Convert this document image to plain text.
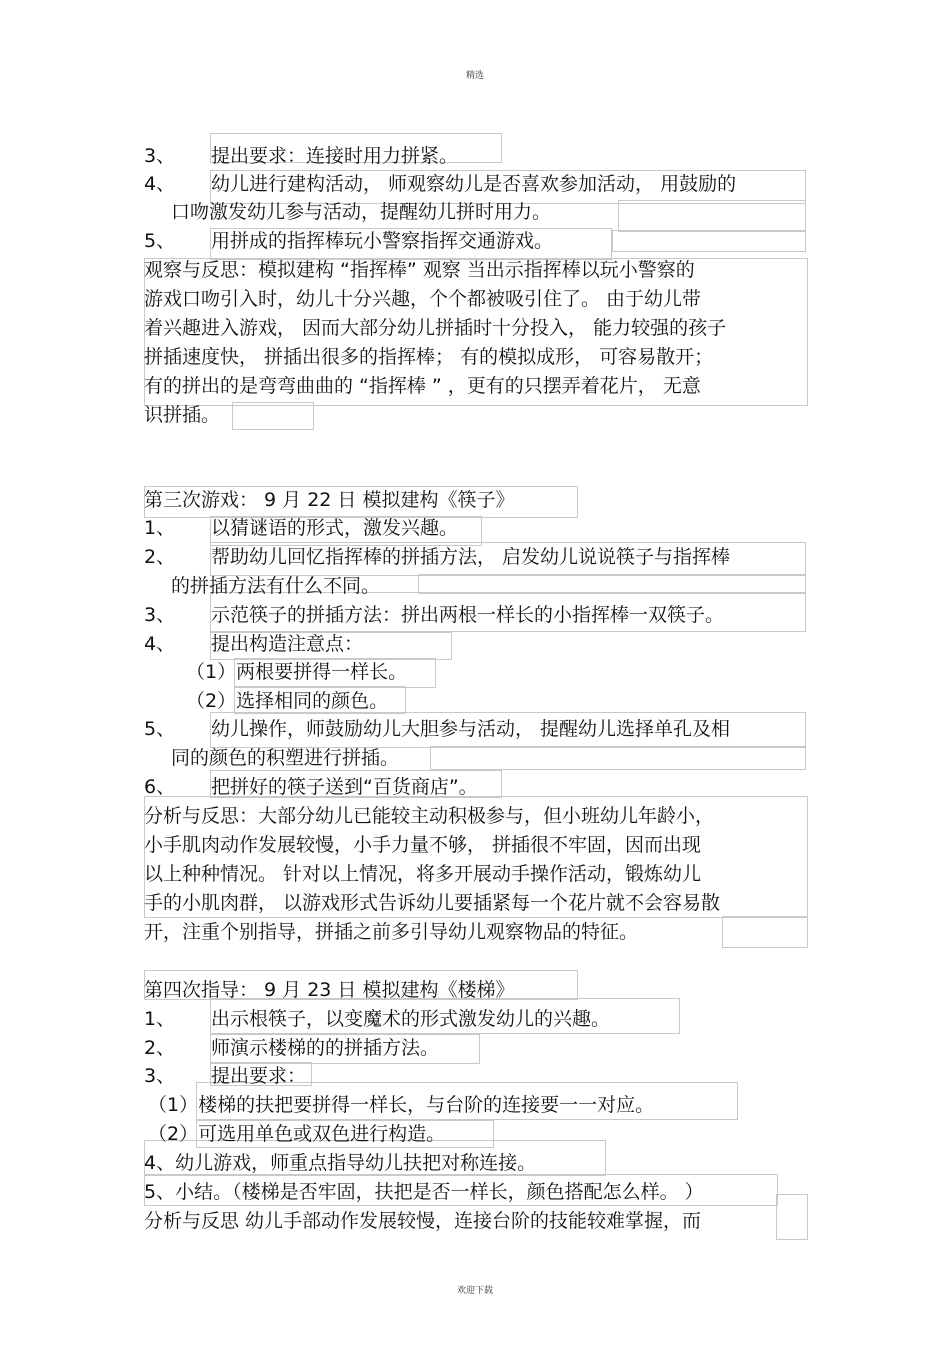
精选
3、 提出要求：连接时用力拼紧。
4、 幼儿进行建构活动， 师观察幼儿是否喜欢参加活动， 用鼓励的
口吻激发幼儿参与活动，提醒幼儿拼时用力。
5、 用拼成的指挥棒玩小警察指挥交通游戏。
观察与反思：模拟建构 “指挥棒” 观察 当出示指挥棒以玩小警察的
游戏口吻引入时，幼儿十分兴趣，个个都被吸引住了。 由于幼儿带
着兴趣进入游戏， 因而大部分幼儿拼插时十分投入， 能力较强的孩子
拼插速度快， 拼插出很多的指挥棒； 有的模拟成形， 可容易散开；
有的拼出的是弯弯曲曲的 “指挥棒 ” ，更有的只摆弄着花片， 无意
识拼插。
第三次游戏： 9 月 22 日 模拟建构《筷子》
1、 以猜谜语的形式，激发兴趣。
2、 帮助幼儿回忆指挥棒的拼插方法， 启发幼儿说说筷子与指挥棒
的拼插方法有什么不同。
3、 示范筷子的拼插方法：拼出两根一样长的小指挥棒一双筷子。
4、 提出构造注意点：
（1）两根要拼得一样长。
（2）选择相同的颜色。
5、 幼儿操作，师鼓励幼儿大胆参与活动， 提醒幼儿选择单孔及相
同的颜色的积塑进行拼插。
6、 把拼好的筷子送到“百货商店”。
分析与反思：大部分幼儿已能较主动积极参与，但小班幼儿年龄小，
小手肌肉动作发展较慢，小手力量不够， 拼插很不牢固，因而出现
以上种种情况。 针对以上情况，将多开展动手操作活动，锻炼幼儿
手的小肌肉群， 以游戏形式告诉幼儿要插紧每一个花片就不会容易散
开，注重个别指导，拼插之前多引导幼儿观察物品的特征。
第四次指导： 9 月 23 日 模拟建构《楼梯》
1、 出示根筷子，以变魔术的形式激发幼儿的兴趣。
2、 师演示楼梯的的拼插方法。
3、 提出要求：
（1）楼梯的扶把要拼得一样长，与台阶的连接要一一对应。
（2）可选用单色或双色进行构造。
4、幼儿游戏，师重点指导幼儿扶把对称连接。
5、小结。（楼梯是否牢固，扶把是否一样长，颜色搭配怎么样。 ）
分析与反思 幼儿手部动作发展较慢，连接台阶的技能较难掌握，而
欢迎下载
